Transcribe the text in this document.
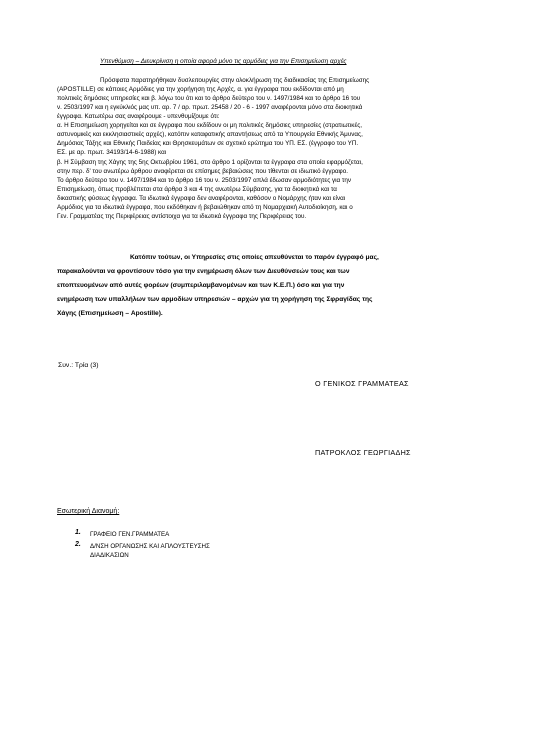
Υπενθύμιση – Διευκρίνιση η οποία αφορά μόνο τις αρμόδιες για την Επισημείωση αρχές
Πρόσφατα παρατηρήθηκαν δυσλειτουργίες στην ολοκλήρωση της διαδικασίας της Επισημείωσης
(APOSTILLE) σε κάποιες Αρμόδιες για την χορήγηση της Αρχές, α. για έγγραφα που εκδίδονται από μη
πολιτικές δημόσιες υπηρεσίες και β. λόγω του ότι και το άρθρο δεύτερο του ν. 1497/1984 και το άρθρο 16 του
ν. 2503/1997 και η εγκύκλιός μας υπ. αρ. 7 / αρ. πρωτ. 25458 / 20 - 6 - 1997 αναφέρονται μόνο στα διοικητικά
έγγραφα. Κατωτέρω σας αναφέρουμε - υπενθυμίζουμε ότι:
α. Η Επισημείωση χορηγείται και σε έγγραφα που εκδίδουν οι μη πολιτικές δημόσιες υπηρεσίες (στρατιωτικές,
αστυνομικές και εκκλησιαστικές αρχές), κατόπιν καταφατικής απαντήσεως από τα Υπουργεία Εθνικής Άμυνας,
Δημόσιας Τάξης και Εθνικής Παιδείας και Θρησκευμάτων σε σχετικό ερώτημα του ΥΠ. ΕΣ. (έγγραφο του ΥΠ.
ΕΣ. με αρ. πρωτ. 34193/14-6-1988) και
β. Η Σύμβαση της Χάγης της 5ης Οκτωβρίου 1961, στο άρθρο 1 ορίζονται τα έγγραφα στα οποία εφαρμόζεται,
στην περ. δ' του ανωτέρω άρθρου αναφέρεται σε επίσημες βεβαιώσεις που τίθενται σε ιδιωτικό έγγραφο.
Το άρθρο δεύτερο του ν. 1497/1984 και το άρθρο 16 του ν. 2503/1997 απλά έδωσαν αρμοδιότητες για την
Επισημείωση, όπως προβλέπεται στα άρθρα 3 και 4 της ανωτέρω Σύμβασης, για τα διοικητικά και τα
δικαστικής φύσεως έγγραφα. Τα ιδιωτικά έγγραφα δεν αναφέρονται, καθόσον ο Νομάρχης ήταν και είναι
Αρμόδιος για τα ιδιωτικά έγγραφα, που εκδόθηκαν ή βεβαιώθηκαν από τη Νομαρχιακή Αυτοδιοίκηση, και ο
Γεν. Γραμματέας της Περιφέρειας αντίστοιχα για τα ιδιωτικά έγγραφα της Περιφέρειας του.
Κατόπιν τούτων, οι Υπηρεσίες στις οποίες απευθύνεται το παρόν έγγραφό μας,
παρακαλούνται να φροντίσουν τόσο για την ενημέρωση όλων των Διευθύνσεών τους και των
εποπτευομένων από αυτές φορέων (συμπεριλαμβανομένων και των Κ.Ε.Π.) όσο και για την
ενημέρωση των υπαλλήλων των αρμοδίων υπηρεσιών – αρχών για τη χορήγηση της Σφραγίδας της
Χάγης (Επισημείωση – Apostille).
Συν.: Τρία (3)
Ο ΓΕΝΙΚΟΣ ΓΡΑΜΜΑΤΕΑΣ
ΠΑΤΡΟΚΛΟΣ ΓΕΩΡΓΙΑΔΗΣ
Εσωτερική Διανομή:
1. ΓΡΑΦΕΙΟ ΓΕΝ.ΓΡΑΜΜΑΤΕΑ
2. Δ/ΝΣΗ ΟΡΓΑΝΩΣΗΣ ΚΑΙ ΑΠΛΟΥΣΤΕΥΣΗΣ
ΔΙΑΔΙΚΑΣΙΩΝ
